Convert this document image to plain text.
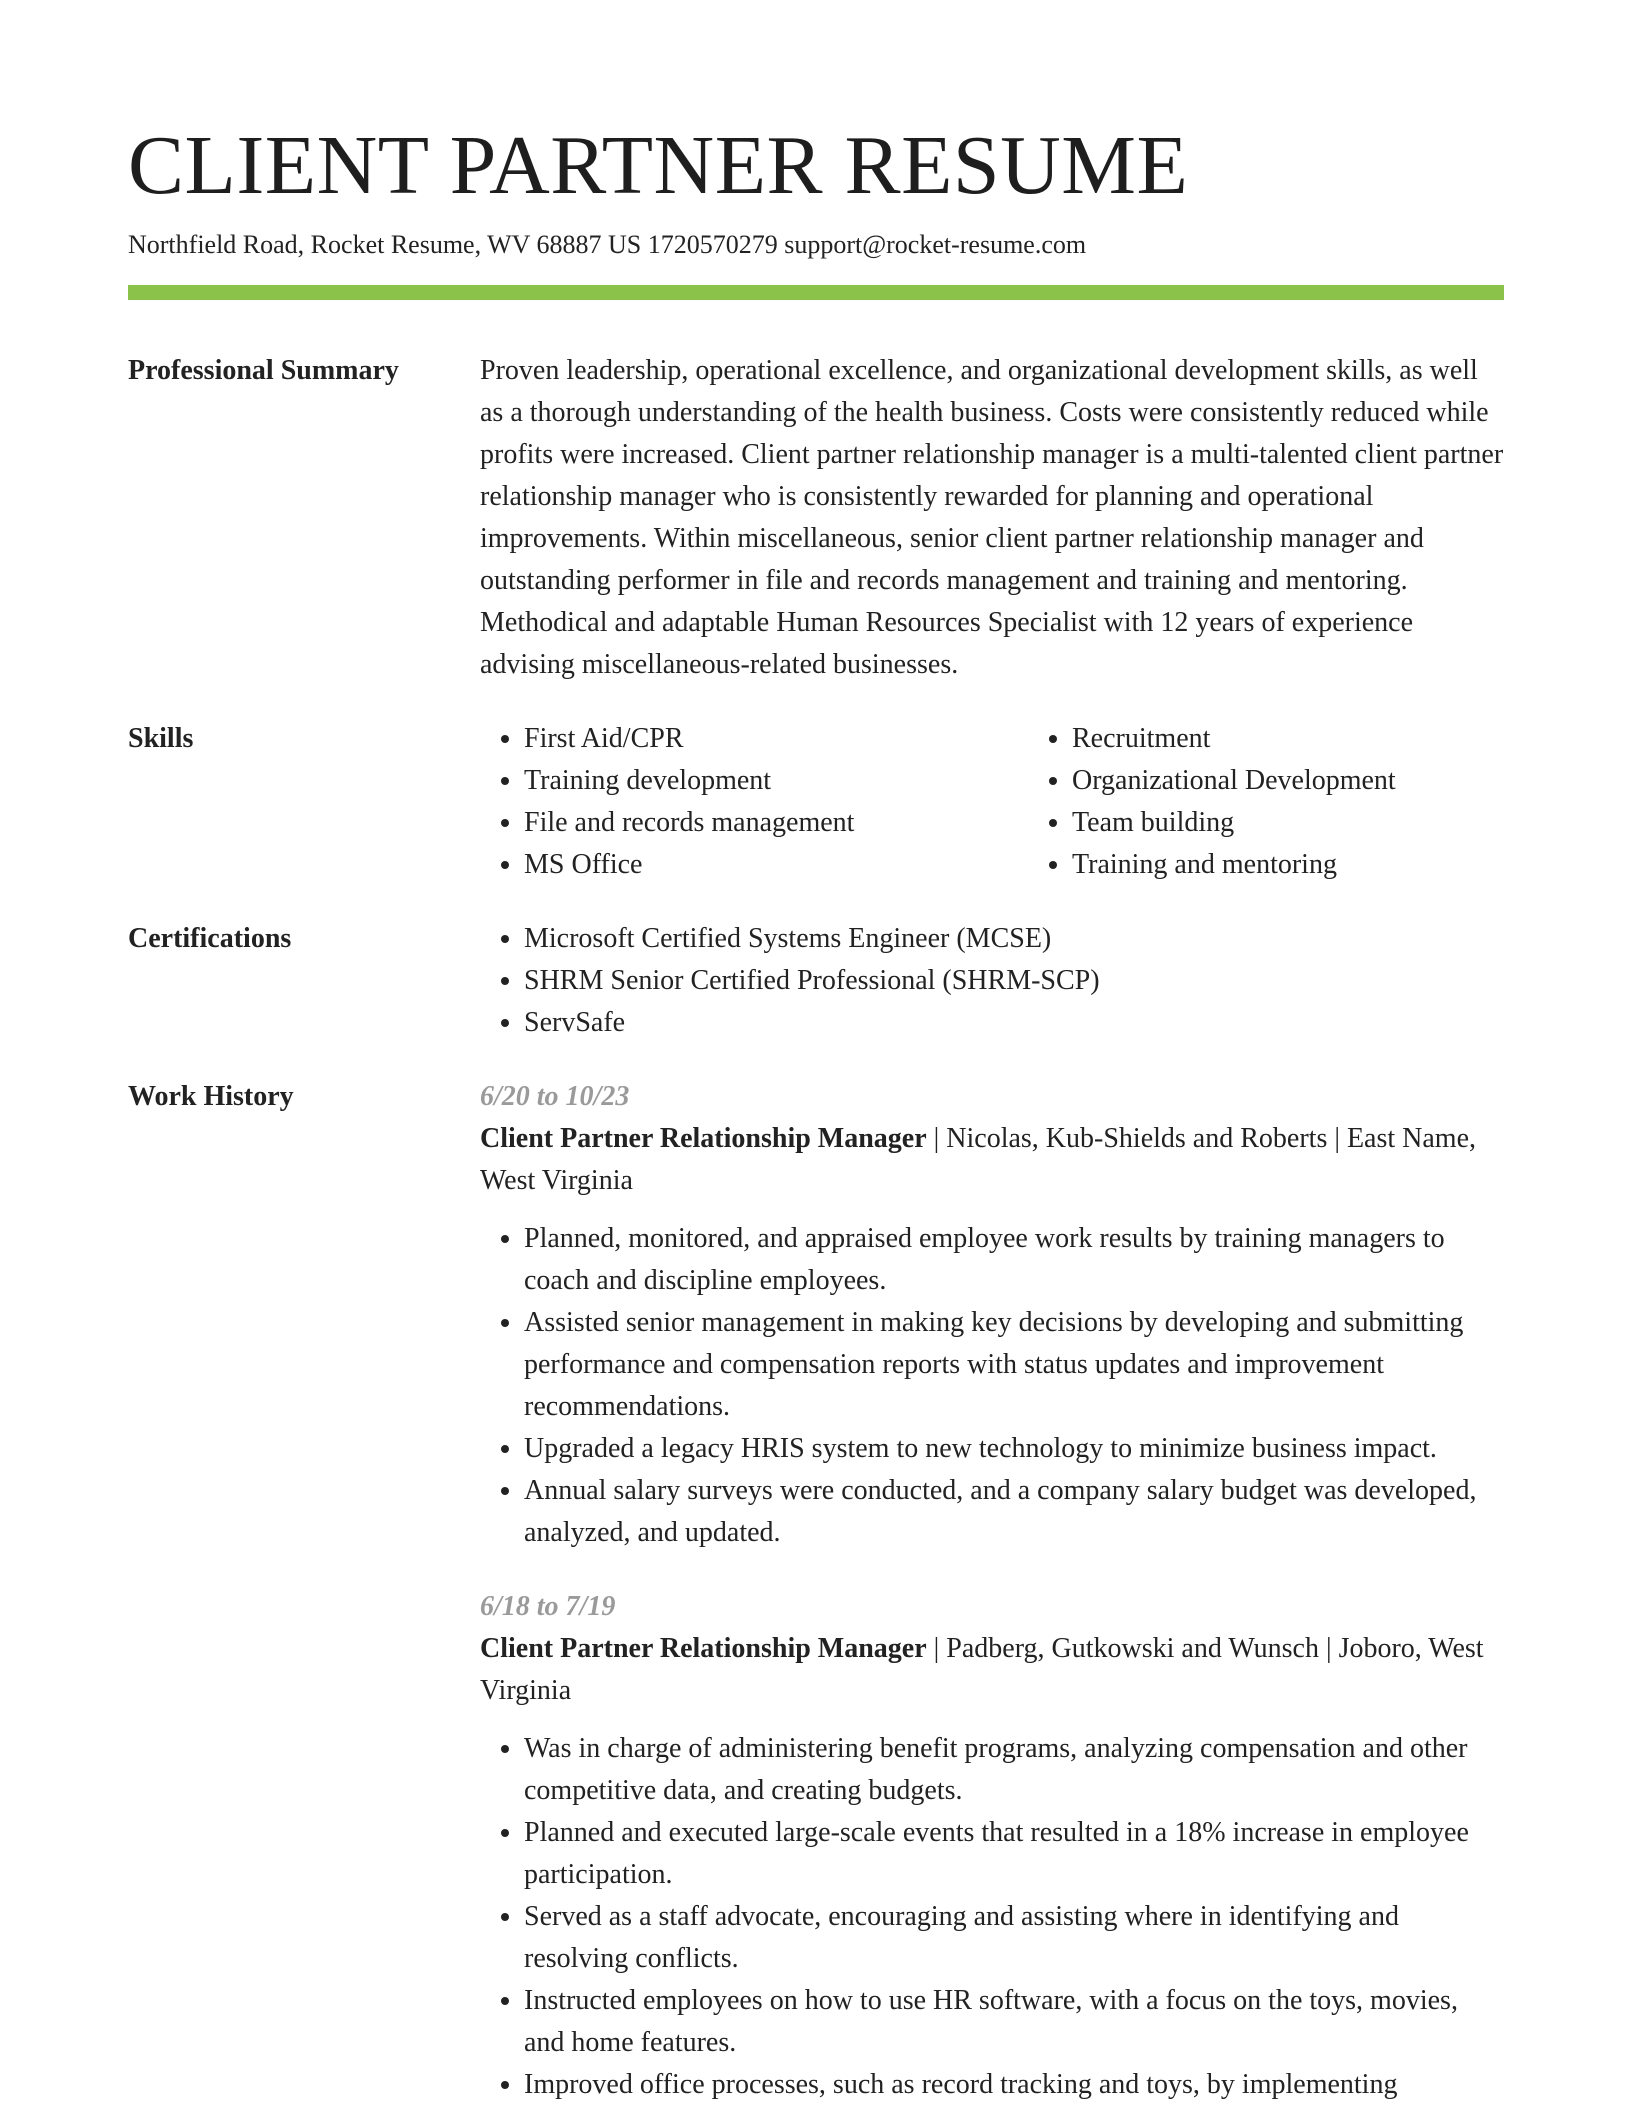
CLIENT PARTNER RESUME
Northfield Road, Rocket Resume, WV 68887 US 1720570279 support@rocket-resume.com
Professional Summary	Proven leadership, operational excellence, and organizational development skills, as well as a thorough understanding of the health business. Costs were consistently reduced while profits were increased. Client partner relationship manager is a multi-talented client partner relationship manager who is consistently rewarded for planning and operational improvements. Within miscellaneous, senior client partner relationship manager and outstanding performer in file and records management and training and mentoring. Methodical and adaptable Human Resources Specialist with 12 years of experience advising miscellaneous-related businesses.

Skills	• First Aid/CPR
• Training development
• File and records management
• MS Office
• Recruitment
• Organizational Development
• Team building
• Training and mentoring
Certifications	• Microsoft Certified Systems Engineer (MCSE)
• SHRM Senior Certified Professional (SHRM-SCP)
• ServSafe
Work History	6/20 to 10/23
Client Partner Relationship Manager | Nicolas, Kub-Shields and Roberts | East Name, West Virginia
• Planned, monitored, and appraised employee work results by training managers to coach and discipline employees.
• Assisted senior management in making key decisions by developing and submitting performance and compensation reports with status updates and improvement recommendations.
• Upgraded a legacy HRIS system to new technology to minimize business impact.
• Annual salary surveys were conducted, and a company salary budget was developed, analyzed, and updated.
6/18 to 7/19
Client Partner Relationship Manager | Padberg, Gutkowski and Wunsch | Joboro, West Virginia
• Was in charge of administering benefit programs, analyzing compensation and other competitive data, and creating budgets.
• Planned and executed large-scale events that resulted in a 18% increase in employee participation.
• Served as a staff advocate, encouraging and assisting where in identifying and resolving conflicts.
• Instructed employees on how to use HR software, with a focus on the toys, movies, and home features.
• Improved office processes, such as record tracking and toys, by implementing
